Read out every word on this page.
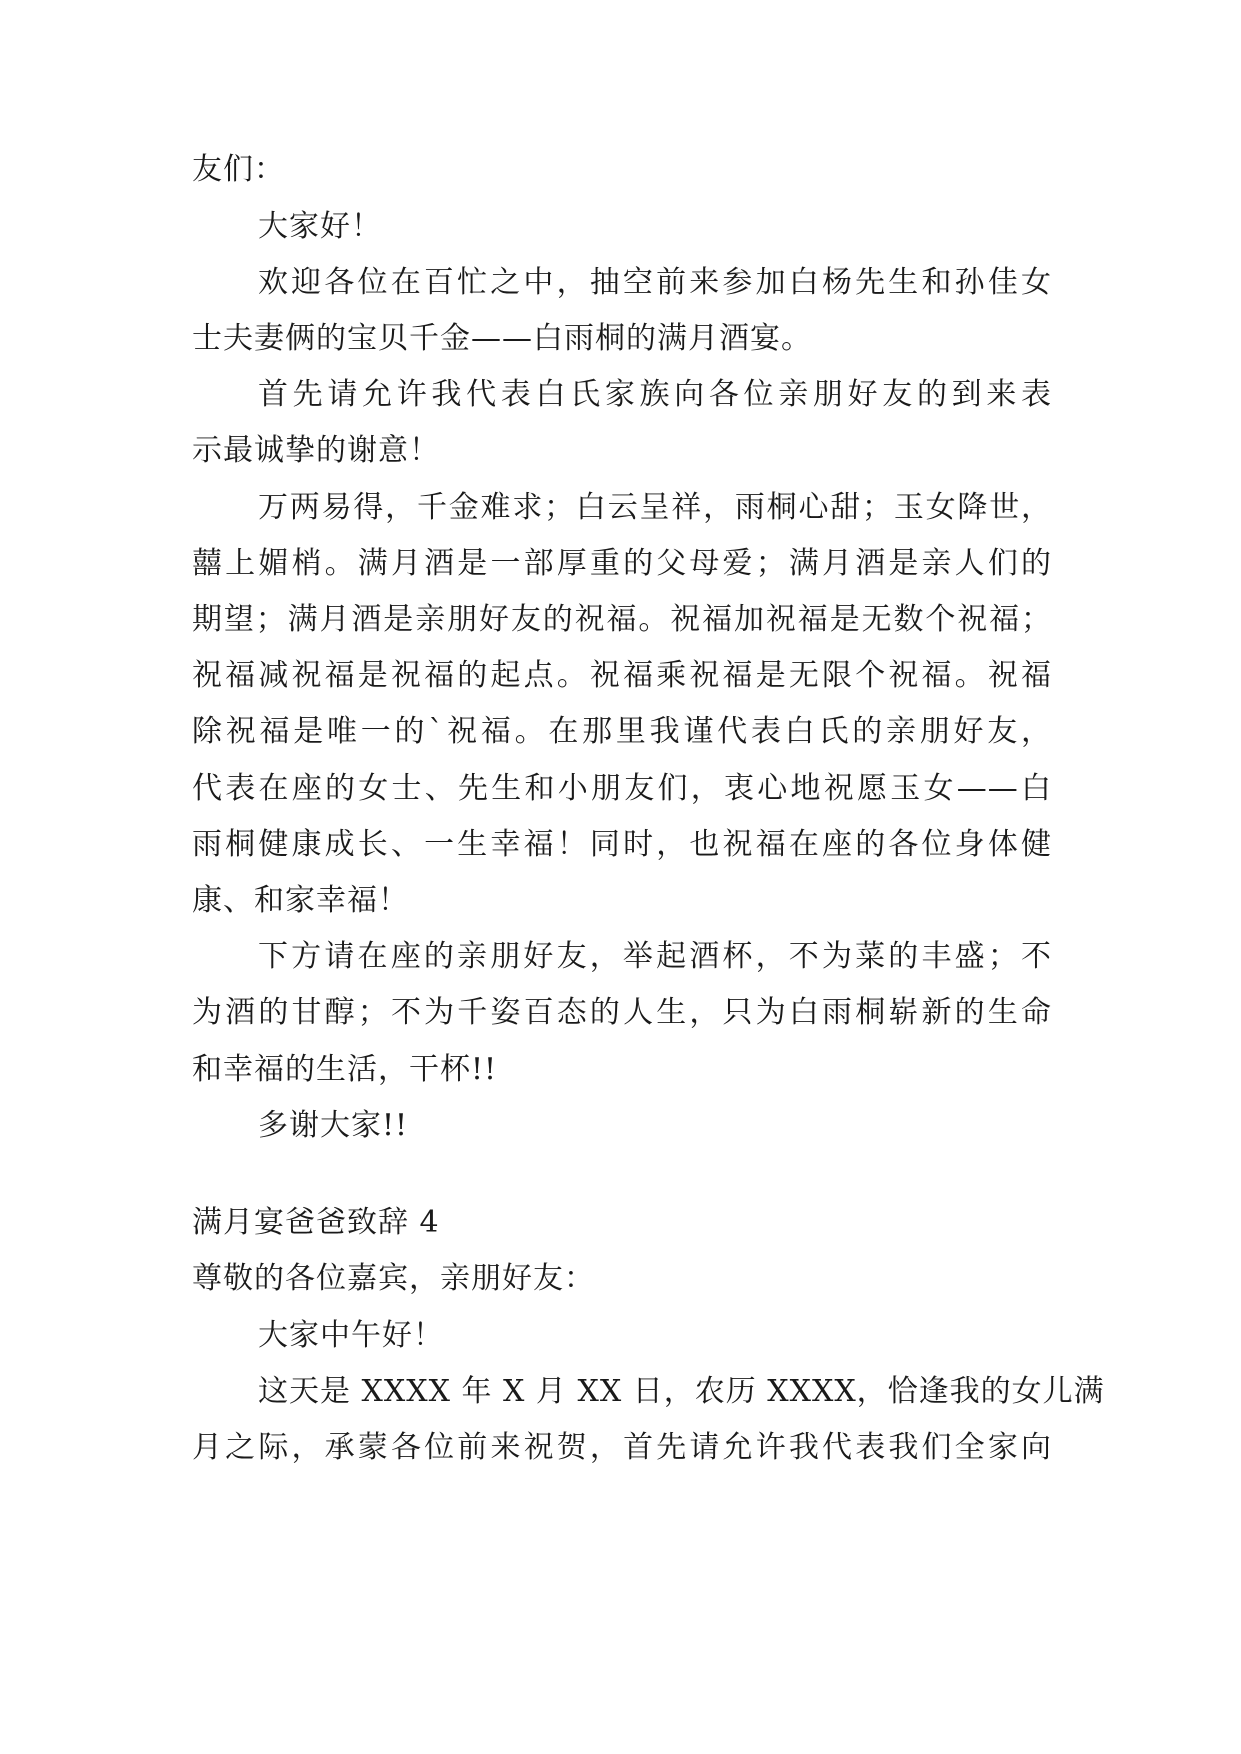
友们：
大家好！
欢迎各位在百忙之中，抽空前来参加白杨先生和孙佳女
士夫妻俩的宝贝千金——白雨桐的满月酒宴。
首先请允许我代表白氏家族向各位亲朋好友的到来表
示最诚挚的谢意！
万两易得，千金难求；白云呈祥，雨桐心甜；玉女降世，
囍上媚梢。满月酒是一部厚重的父母爱；满月酒是亲人们的
期望；满月酒是亲朋好友的祝福。祝福加祝福是无数个祝福；
祝福减祝福是祝福的起点。祝福乘祝福是无限个祝福。祝福
除祝福是唯一的`祝福。在那里我谨代表白氏的亲朋好友，
代表在座的女士、先生和小朋友们，衷心地祝愿玉女——白
雨桐健康成长、一生幸福！同时，也祝福在座的各位身体健
康、和家幸福！
下方请在座的亲朋好友，举起酒杯，不为菜的丰盛；不
为酒的甘醇；不为千姿百态的人生，只为白雨桐崭新的生命
和幸福的生活，干杯!!
多谢大家!!
满月宴爸爸致辞 4
尊敬的各位嘉宾，亲朋好友：
大家中午好！
这天是 XXXX 年 X 月 XX 日，农历 XXXX，恰逢我的女儿满
月之际，承蒙各位前来祝贺，首先请允许我代表我们全家向
